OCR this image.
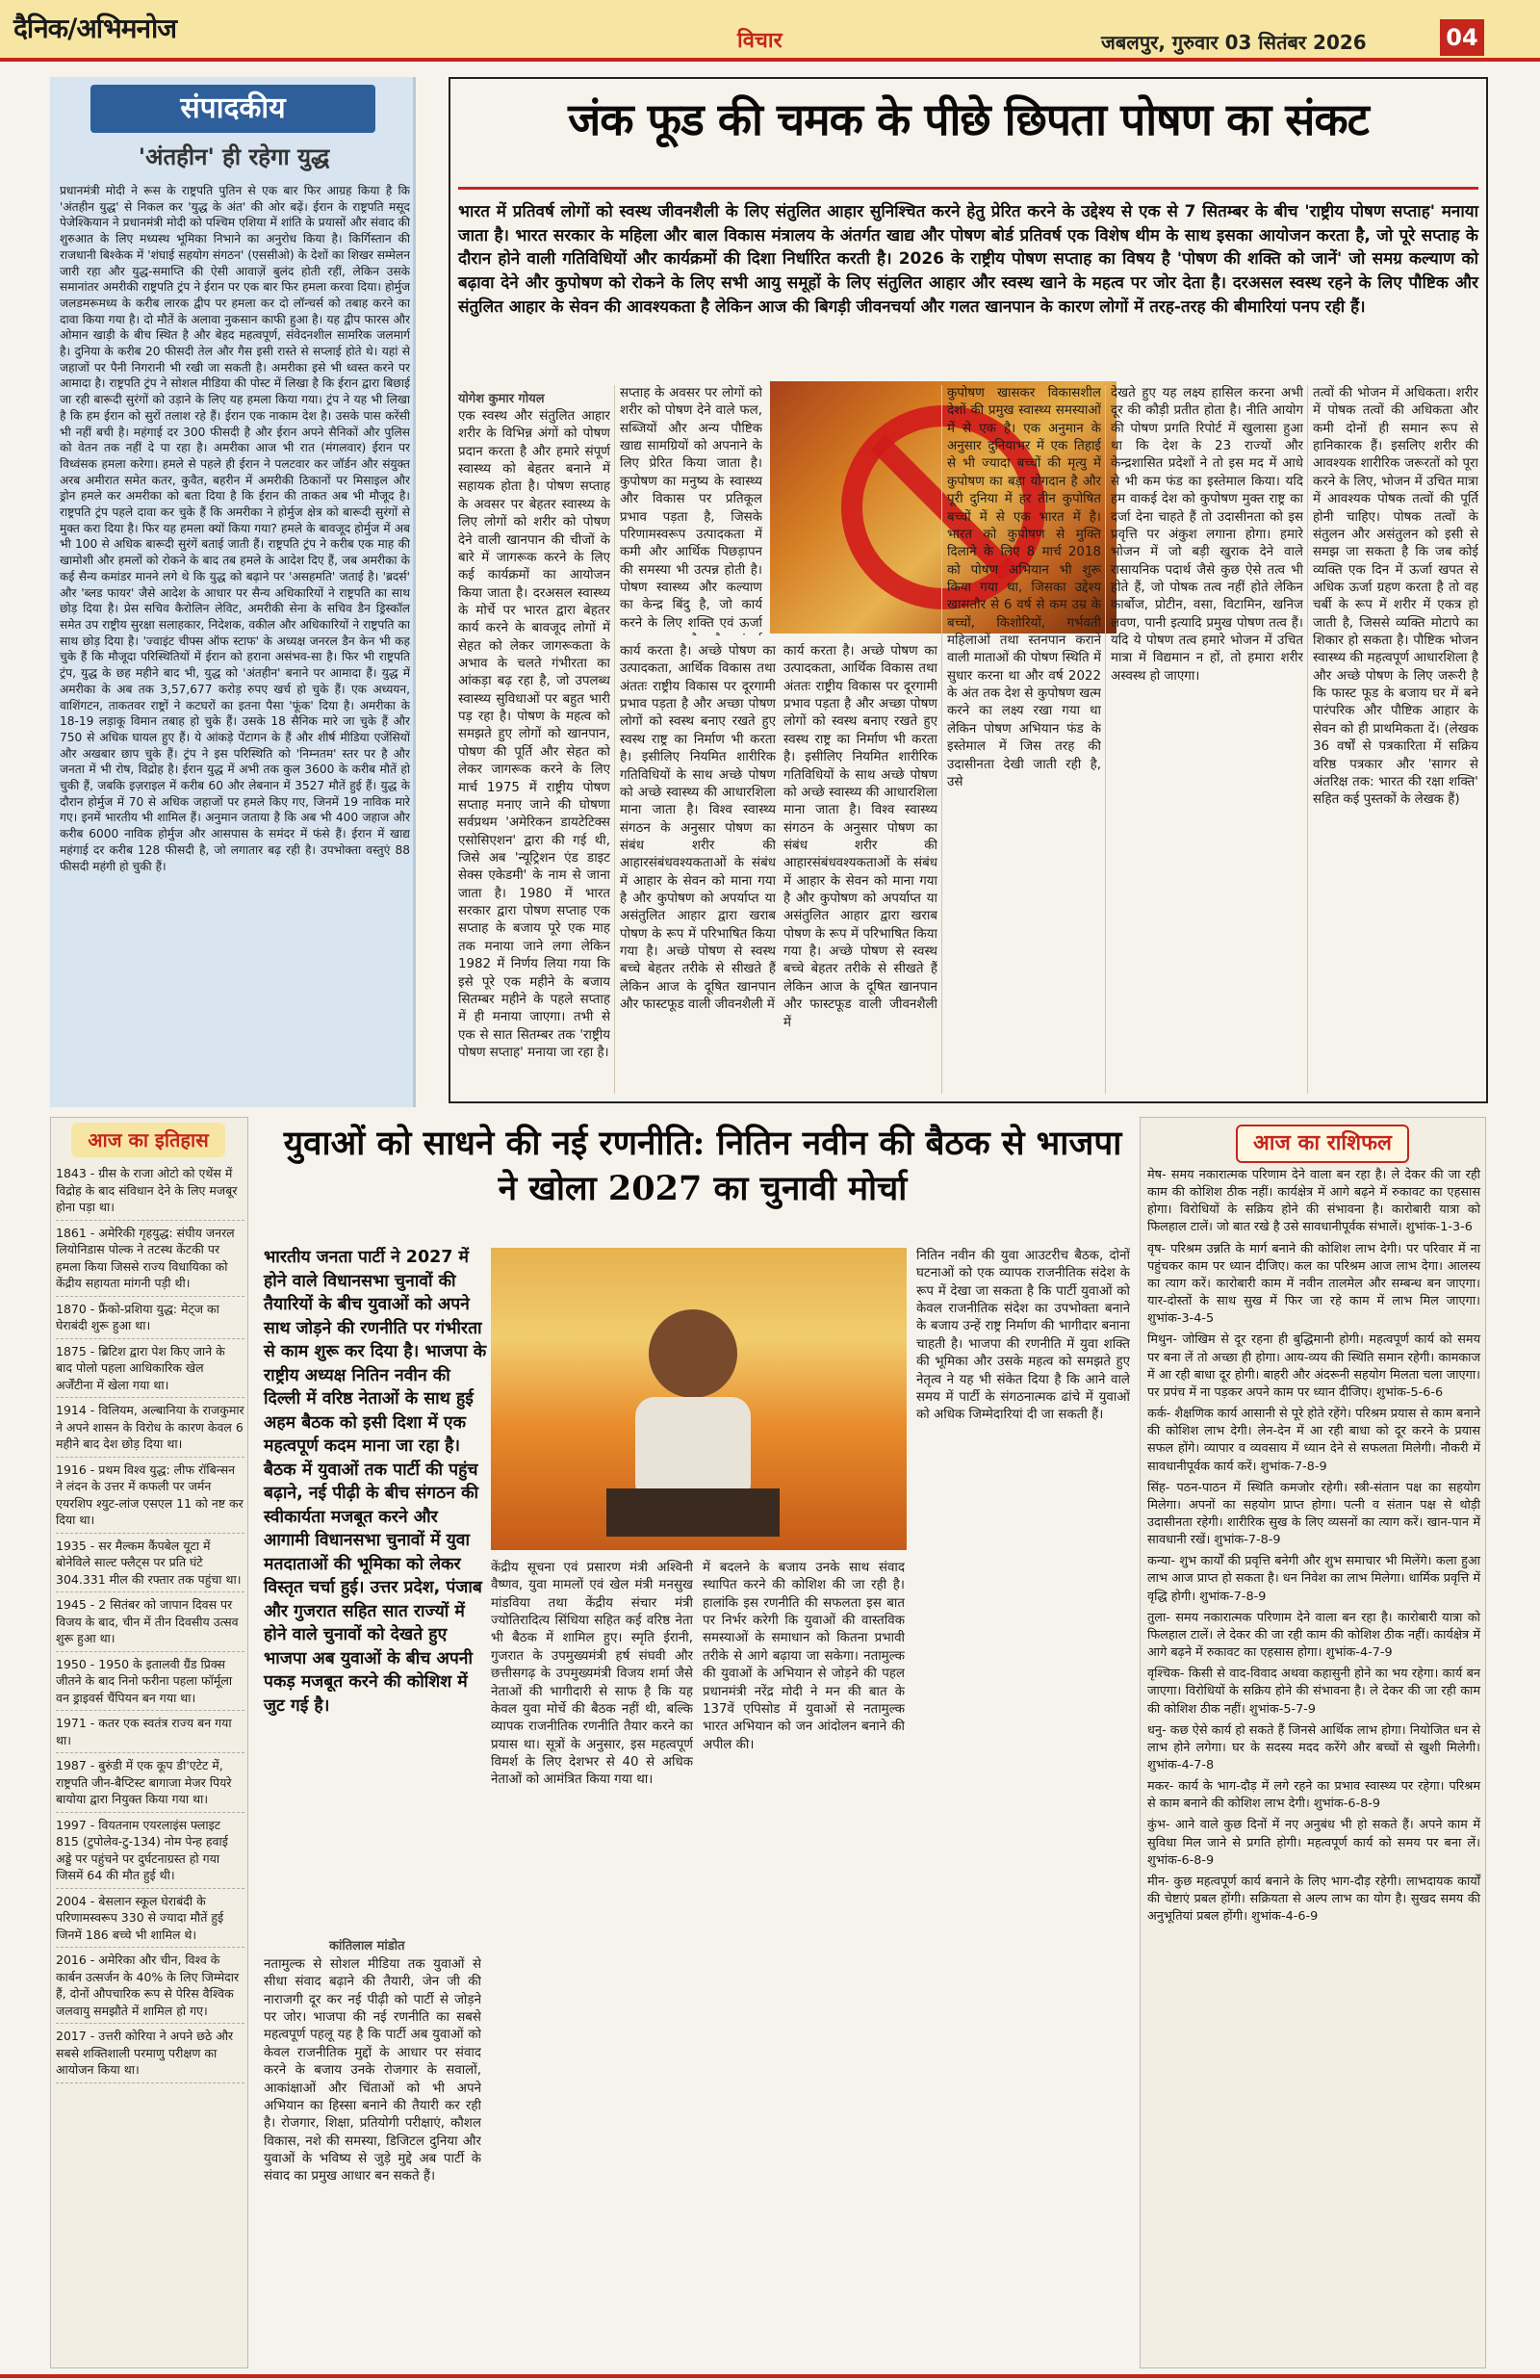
दैनिक/अभिमनोज	विचार	जबलपुर, गुरुवार 03 सितंबर 2026	04
संपादकीय
'अंतहीन' ही रहेगा युद्ध
प्रधानमंत्री मोदी ने रूस के राष्ट्रपति पुतिन से एक बार फिर आग्रह किया है कि 'अंतहीन युद्ध' से निकल कर 'युद्ध के अंत' की ओर बढ़ें। ईरान के राष्ट्रपति मसूद पेजेश्कियान ने प्रधानमंत्री मोदी को पश्चिम एशिया में शांति के प्रयासों और संवाद की शुरुआत के लिए मध्यस्थ भूमिका निभाने का अनुरोध किया है। किर्गिस्तान की राजधानी बिश्केक में 'शंघाई सहयोग संगठन' (एससीओ) के देशों का शिखर सम्मेलन जारी रहा और युद्ध-समाप्ति की ऐसी आवाज़ें बुलंद होती रहीं, लेकिन उसके समानांतर अमरीकी राष्ट्रपति ट्रंप ने ईरान पर एक बार फिर हमला करवा दिया। होर्मुज जलडमरूमध्य के करीब लारक द्वीप पर हमला कर दो लॉन्चर्स को तबाह करने का दावा किया गया है। दो मौतें के अलावा नुकसान काफी हुआ है। यह द्वीप फारस और ओमान खाड़ी के बीच स्थित है और बेहद महत्वपूर्ण, संवेदनशील सामरिक जलमार्ग है। दुनिया के करीब 20 फीसदी तेल और गैस इसी रास्ते से सप्लाई होते थे। यहां से जहाजों पर पैनी निगरानी भी रखी जा सकती है। अमरीका इसे भी ध्वस्त करने पर आमादा है। राष्ट्रपति ट्रंप ने सोशल मीडिया की पोस्ट में लिखा है कि ईरान द्वारा बिछाई जा रही बारूदी सुरंगों को उड़ाने के लिए यह हमला किया गया। ट्रंप ने यह भी लिखा है कि हम ईरान को सुरों तलाश रहे हैं। ईरान एक नाकाम देश है। उसके पास करेंसी भी नहीं बची है। महंगाई दर 300 फीसदी है और ईरान अपने सैनिकों और पुलिस को वेतन तक नहीं दे पा रहा है। अमरीका आज भी रात (मंगलवार) ईरान पर विध्वंसक हमला करेगा। हमले से पहले ही ईरान ने पलटवार कर जॉर्डन और संयुक्त अरब अमीरात समेत कतर, कुवैत, बहरीन में अमरीकी ठिकानों पर मिसाइल और ड्रोन हमले कर अमरीका को बता दिया है कि ईरान की ताकत अब भी मौजूद है। राष्ट्रपति ट्रंप पहले दावा कर चुके हैं कि अमरीका ने होर्मुज क्षेत्र को बारूदी सुरंगों से मुक्त करा दिया है। फिर यह हमला क्यों किया गया? हमले के बावजूद होर्मुज में अब भी 100 से अधिक बारूदी सुरंगें बताई जाती हैं। राष्ट्रपति ट्रंप ने करीब एक माह की खामोशी और हमलों को रोकने के बाद तब हमले के आदेश दिए हैं, जब अमरीका के कई सैन्य कमांडर मानने लगे थे कि युद्ध को बढ़ाने पर 'असहमति' जताई है। 'ब्रदर्स' और 'ब्लड फायर' जैसे आदेश के आधार पर सैन्य अधिकारियों ने राष्ट्रपति का साथ छोड़ दिया है। प्रेस सचिव कैरोलिन लेविट, अमरीकी सेना के सचिव डैन ड्रिस्कॉल समेत उप राष्ट्रीय सुरक्षा सलाहकार, निदेशक, वकील और अधिकारियों ने राष्ट्रपति का साथ छोड़ दिया है। 'ज्वाइंट चीफ्स ऑफ स्टाफ' के अध्यक्ष जनरल डैन केन भी कह चुके हैं कि मौजूदा परिस्थितियों में ईरान को हराना असंभव-सा है। फिर भी राष्ट्रपति ट्रंप, युद्ध के छह महीने बाद भी, युद्ध को 'अंतहीन' बनाने पर आमादा हैं। युद्ध में अमरीका के अब तक 3,57,677 करोड़ रुपए खर्च हो चुके हैं। एक अध्ययन, वाशिंगटन, ताकतवर राष्ट्रों ने कटघरों का इतना पैसा 'फूंक' दिया है। अमरीका के 18-19 लड़ाकू विमान तबाह हो चुके हैं। उसके 18 सैनिक मारे जा चुके हैं और 750 से अधिक घायल हुए हैं। ये आंकड़े पेंटागन के हैं और शीर्ष मीडिया एजेंसियों और अखबार छाप चुके हैं। ट्रंप ने इस परिस्थिति को 'निम्नतम' स्तर पर है और जनता में भी रोष, विद्रोह है। ईरान युद्ध में अभी तक कुल 3600 के करीब मौतें हो चुकी हैं, जबकि इज़राइल में करीब 60 और लेबनान में 3527 मौतें हुई हैं। युद्ध के दौरान होर्मुज में 70 से अधिक जहाजों पर हमले किए गए, जिनमें 19 नाविक मारे गए। इनमें भारतीय भी शामिल हैं। अनुमान जताया है कि अब भी 400 जहाज और करीब 6000 नाविक होर्मुज और आसपास के समंदर में फंसे हैं। ईरान में खाद्य महंगाई दर करीब 128 फीसदी है, जो लगातार बढ़ रही है। उपभोक्ता वस्तुएं 88 फीसदी महंगी हो चुकी हैं।
जंक फूड की चमक के पीछे छिपता पोषण का संकट
भारत में प्रतिवर्ष लोगों को स्वस्थ जीवनशैली के लिए संतुलित आहार सुनिश्चित करने हेतु प्रेरित करने के उद्देश्य से एक से 7 सितम्बर के बीच 'राष्ट्रीय पोषण सप्ताह' मनाया जाता है। भारत सरकार के महिला और बाल विकास मंत्रालय के अंतर्गत खाद्य और पोषण बोर्ड प्रतिवर्ष एक विशेष थीम के साथ इसका आयोजन करता है, जो पूरे सप्ताह के दौरान होने वाली गतिविधियों और कार्यक्रमों की दिशा निर्धारित करती है। 2026 के राष्ट्रीय पोषण सप्ताह का विषय है 'पोषण की शक्ति को जानें' जो समग्र कल्याण को बढ़ावा देने और कुपोषण को रोकने के लिए सभी आयु समूहों के लिए संतुलित आहार और स्वस्थ खाने के महत्व पर जोर देता है। दरअसल स्वस्थ रहने के लिए पौष्टिक और संतुलित आहार के सेवन की आवश्यकता है लेकिन आज की बिगड़ी जीवनचर्या और गलत खानपान के कारण लोगों में तरह-तरह की बीमारियां पनप रही हैं।
योगेश कुमार गोयल
एक स्वस्थ और संतुलित आहार शरीर के विभिन्न अंगों को पोषण प्रदान करता है और हमारे संपूर्ण स्वास्थ्य को बेहतर बनाने में सहायक होता है। पोषण सप्ताह के अवसर पर बेहतर स्वास्थ्य के लिए लोगों को शरीर को पोषण देने वाली खानपान की चीजों के बारे में जागरूक करने के लिए कई कार्यक्रमों का आयोजन किया जाता है। दरअसल स्वास्थ्य के मोर्चे पर भारत द्वारा बेहतर कार्य करने के बावजूद लोगों में सेहत को लेकर जागरूकता के अभाव के चलते गंभीरता का आंकड़ा बढ़ रहा है, जो उपलब्ध स्वास्थ्य सुविधाओं पर बहुत भारी पड़ रहा है। पोषण के महत्व को समझते हुए लोगों को खानपान, पोषण की पूर्ति और सेहत को लेकर जागरूक करने के लिए मार्च 1975 में राष्ट्रीय पोषण सप्ताह मनाए जाने की घोषणा सर्वप्रथम 'अमेरिकन डायटेटिक्स एसोसिएशन' द्वारा की गई थी, जिसे अब 'न्यूट्रिशन एंड डाइट सेक्स एकेडमी' के नाम से जाना जाता है। 1980 में भारत सरकार द्वारा पोषण सप्ताह एक सप्ताह के बजाय पूरे एक माह तक मनाया जाने लगा लेकिन 1982 में निर्णय लिया गया कि इसे पूरे एक महीने के बजाय सितम्बर महीने के पहले सप्ताह में ही मनाया जाएगा। तभी से एक से सात सितम्बर तक 'राष्ट्रीय पोषण सप्ताह' मनाया जा रहा है।
सप्ताह के अवसर पर लोगों को शरीर को पोषण देने वाले फल, सब्जियों और अन्य पौष्टिक खाद्य सामग्रियों को अपनाने के लिए प्रेरित किया जाता है। कुपोषण का मनुष्य के स्वास्थ्य और विकास पर प्रतिकूल प्रभाव पड़ता है, जिसके परिणामस्वरूप उत्पादकता में कमी और आर्थिक पिछड़ापन की समस्या भी उत्पन्न होती है। पोषण स्वास्थ्य और कल्याण का केन्द्र बिंदु है, जो कार्य करने के लिए शक्ति एवं ऊर्जा
कार्य करता है। अच्छे पोषण का उत्पादकता, आर्थिक विकास तथा अंततः राष्ट्रीय विकास पर दूरगामी प्रभाव पड़ता है और अच्छा पोषण लोगों को स्वस्थ बनाए रखते हुए स्वस्थ राष्ट्र का निर्माण भी करता है। इसीलिए नियमित शारीरिक गतिविधियों के साथ अच्छे पोषण को अच्छे स्वास्थ्य की आधारशिला माना जाता है। विश्व स्वास्थ्य संगठन के अनुसार पोषण का संबंध शरीर की आहारसंबंधवश्यकताओं के संबंध में आहार के सेवन को माना गया है और कुपोषण को अपर्याप्त या असंतुलित आहार द्वारा खराब पोषण के रूप में परिभाषित किया गया है। अच्छे पोषण से स्वस्थ बच्चे बेहतर तरीके से सीखते हैं लेकिन आज के दूषित खानपान और फास्टफूड वाली जीवनशैली में
कार्य करता है। अच्छे पोषण का उत्पादकता, आर्थिक विकास तथा अंततः राष्ट्रीय विकास पर दूरगामी प्रभाव पड़ता है और अच्छा पोषण लोगों को स्वस्थ बनाए रखते हुए स्वस्थ राष्ट्र का निर्माण भी करता है। इसीलिए नियमित शारीरिक गतिविधियों के साथ अच्छे पोषण को अच्छे स्वास्थ्य की आधारशिला माना जाता है। विश्व स्वास्थ्य संगठन के अनुसार पोषण का संबंध शरीर की आहारसंबंधवश्यकताओं के संबंध में आहार के सेवन को माना गया है और कुपोषण को अपर्याप्त या असंतुलित आहार द्वारा खराब पोषण के रूप में परिभाषित किया गया है। अच्छे पोषण से स्वस्थ बच्चे बेहतर तरीके से सीखते हैं लेकिन आज के दूषित खानपान और फास्टफूड वाली जीवनशैली में
कुपोषण खासकर विकासशील देशों की प्रमुख स्वास्थ्य समस्याओं में से एक है। एक अनुमान के अनुसार दुनियाभर में एक तिहाई से भी ज्यादा बच्चों की मृत्यु में कुपोषण का बड़ा योगदान है और पूरी दुनिया में हर तीन कुपोषित बच्चों में से एक भारत में है। भारत को कुपोषण से मुक्ति दिलाने के लिए 8 मार्च 2018 को पोषण अभियान भी शुरू किया गया था, जिसका उद्देश्य खासतौर से 6 वर्ष से कम उम्र के बच्चों, किशोरियों, गर्भवती महिलाओं तथा स्तनपान कराने वाली माताओं की पोषण स्थिति में सुधार करना था और वर्ष 2022 के अंत तक देश से कुपोषण खत्म करने का लक्ष्य रखा गया था लेकिन पोषण अभियान फंड के इस्तेमाल में जिस तरह की उदासीनता देखी जाती रही है, उसे
देखते हुए यह लक्ष्य हासिल करना अभी दूर की कौड़ी प्रतीत होता है। नीति आयोग की पोषण प्रगति रिपोर्ट में खुलासा हुआ था कि देश के 23 राज्यों और केन्द्रशासित प्रदेशों ने तो इस मद में आधे से भी कम फंड का इस्तेमाल किया। यदि हम वाकई देश को कुपोषण मुक्त राष्ट्र का दर्जा देना चाहते हैं तो उदासीनता को इस प्रवृत्ति पर अंकुश लगाना होगा। हमारे भोजन में जो बड़ी खुराक देने वाले रासायनिक पदार्थ जैसे कुछ ऐसे तत्व भी होते हैं, जो पोषक तत्व नहीं होते लेकिन कार्बोज, प्रोटीन, वसा, विटामिन, खनिज लवण, पानी इत्यादि प्रमुख पोषण तत्व हैं। यदि ये पोषण तत्व हमारे भोजन में उचित मात्रा में विद्यमान न हों, तो हमारा शरीर अस्वस्थ हो जाएगा।
तत्वों की भोजन में अधिकता। शरीर में पोषक तत्वों की अधिकता और कमी दोनों ही समान रूप से हानिकारक हैं। इसलिए शरीर की आवश्यक शारीरिक जरूरतों को पूरा करने के लिए, भोजन में उचित मात्रा में आवश्यक पोषक तत्वों की पूर्ति होनी चाहिए। पोषक तत्वों के संतुलन और असंतुलन को इसी से समझ जा सकता है कि जब कोई व्यक्ति एक दिन में ऊर्जा खपत से अधिक ऊर्जा ग्रहण करता है तो वह चर्बी के रूप में शरीर में एकत्र हो जाती है, जिससे व्यक्ति मोटापे का शिकार हो सकता है। पौष्टिक भोजन स्वास्थ्य की महत्वपूर्ण आधारशिला है और अच्छे पोषण के लिए जरूरी है कि फास्ट फूड के बजाय घर में बने पारंपरिक और पौष्टिक आहार के सेवन को ही प्राथमिकता दें। (लेखक 36 वर्षों से पत्रकारिता में सक्रिय वरिष्ठ पत्रकार और 'सागर से अंतरिक्ष तक: भारत की रक्षा शक्ति' सहित कई पुस्तकों के लेखक हैं)
आज का इतिहास
1843 - ग्रीस के राजा ओटो को एथेंस में विद्रोह के बाद संविधान देने के लिए मजबूर होना पड़ा था।
1861 - अमेरिकी गृहयुद्ध: संघीय जनरल लियोनिडास पोल्क ने तटस्थ केंटकी पर हमला किया जिससे राज्य विधायिका को केंद्रीय सहायता मांगनी पड़ी थी।
1870 - फ्रैंको-प्रशिया युद्ध: मेट्ज का घेराबंदी शुरू हुआ था।
1875 - ब्रिटिश द्वारा पेश किए जाने के बाद पोलो पहला आधिकारिक खेल अर्जेंटीना में खेला गया था।
1914 - विलियम, अल्बानिया के राजकुमार ने अपने शासन के विरोध के कारण केवल 6 महीने बाद देश छोड़ दिया था।
1916 - प्रथम विश्व युद्ध: लीफ रॉबिन्सन ने लंदन के उत्तर में कफली पर जर्मन एयरशिप श्युट-लांज एसएल 11 को नष्ट कर दिया था।
1935 - सर मैल्कम कैंपबेल यूटा में बोनेविले साल्ट फ्लैट्स पर प्रति घंटे 304.331 मील की रफ्तार तक पहुंचा था।
1945 - 2 सितंबर को जापान दिवस पर विजय के बाद, चीन में तीन दिवसीय उत्सव शुरू हुआ था।
1950 - 1950 के इतालवी ग्रैंड प्रिक्स जीतने के बाद निनो फरीना पहला फॉर्मूला वन ड्राइवर्स चैंपियन बन गया था।
1971 - कतर एक स्वतंत्र राज्य बन गया था।
1987 - बुरुंडी में एक कूप डी'एटेट में, राष्ट्रपति जीन-बैप्टिस्ट बागाजा मेजर पियरे बायोया द्वारा नियुक्त किया गया था।
1997 - वियतनाम एयरलाइंस फ्लाइट 815 (टुपोलेव-टु-134) नोम पेन्ह हवाई अड्डे पर पहुंचने पर दुर्घटनाग्रस्त हो गया जिसमें 64 की मौत हुई थी।
2004 - बेसलान स्कूल घेराबंदी के परिणामस्वरूप 330 से ज्यादा मौतें हुई जिनमें 186 बच्चे भी शामिल थे।
2016 - अमेरिका और चीन, विश्व के कार्बन उत्सर्जन के 40% के लिए जिम्मेदार हैं, दोनों औपचारिक रूप से पेरिस वैश्विक जलवायु समझौते में शामिल हो गए।
2017 - उत्तरी कोरिया ने अपने छठे और सबसे शक्तिशाली परमाणु परीक्षण का आयोजन किया था।
युवाओं को साधने की नई रणनीति: नितिन नवीन की बैठक से भाजपा ने खोला 2027 का चुनावी मोर्चा
भारतीय जनता पार्टी ने 2027 में होने वाले विधानसभा चुनावों की तैयारियों के बीच युवाओं को अपने साथ जोड़ने की रणनीति पर गंभीरता से काम शुरू कर दिया है। भाजपा के राष्ट्रीय अध्यक्ष नितिन नवीन की दिल्ली में वरिष्ठ नेताओं के साथ हुई अहम बैठक को इसी दिशा में एक महत्वपूर्ण कदम माना जा रहा है। बैठक में युवाओं तक पार्टी की पहुंच बढ़ाने, नई पीढ़ी के बीच संगठन की स्वीकार्यता मजबूत करने और आगामी विधानसभा चुनावों में युवा मतदाताओं की भूमिका को लेकर विस्तृत चर्चा हुई। उत्तर प्रदेश, पंजाब और गुजरात सहित सात राज्यों में होने वाले चुनावों को देखते हुए भाजपा अब युवाओं के बीच अपनी पकड़ मजबूत करने की कोशिश में जुट गई है।
कांतिलाल मांडोत
नतामुल्क से सोशल मीडिया तक युवाओं से सीधा संवाद बढ़ाने की तैयारी, जेन जी की नाराजगी दूर कर नई पीढ़ी को पार्टी से जोड़ने पर जोर। भाजपा की नई रणनीति का सबसे महत्वपूर्ण पहलू यह है कि पार्टी अब युवाओं को केवल राजनीतिक मुद्दों के आधार पर संवाद करने के बजाय उनके रोजगार के सवालों, आकांक्षाओं और चिंताओं को भी अपने अभियान का हिस्सा बनाने की तैयारी कर रही है। रोजगार, शिक्षा, प्रतियोगी परीक्षाएं, कौशल विकास, नशे की समस्या, डिजिटल दुनिया और युवाओं के भविष्य से जुड़े मुद्दे अब पार्टी के संवाद का प्रमुख आधार बन सकते हैं।
केंद्रीय सूचना एवं प्रसारण मंत्री अश्विनी वैष्णव, युवा मामलों एवं खेल मंत्री मनसुख मांडविया तथा केंद्रीय संचार मंत्री ज्योतिरादित्य सिंधिया सहित कई वरिष्ठ नेता भी बैठक में शामिल हुए। स्मृति ईरानी, गुजरात के उपमुख्यमंत्री हर्ष संघवी और छत्तीसगढ़ के उपमुख्यमंत्री विजय शर्मा जैसे नेताओं की भागीदारी से साफ है कि यह केवल युवा मोर्चे की बैठक नहीं थी, बल्कि व्यापक राजनीतिक रणनीति तैयार करने का प्रयास था। सूत्रों के अनुसार, इस महत्वपूर्ण विमर्श के लिए देशभर से 40 से अधिक नेताओं को आमंत्रित किया गया था।
में बदलने के बजाय उनके साथ संवाद स्थापित करने की कोशिश की जा रही है। हालांकि इस रणनीति की सफलता इस बात पर निर्भर करेगी कि युवाओं की वास्तविक समस्याओं के समाधान को कितना प्रभावी तरीके से आगे बढ़ाया जा सकेगा। नतामुल्क की युवाओं के अभियान से जोड़ने की पहल प्रधानमंत्री नरेंद्र मोदी ने मन की बात के 137वें एपिसोड में युवाओं से नतामुल्क भारत अभियान को जन आंदोलन बनाने की अपील की।
नितिन नवीन की युवा आउटरीच बैठक, दोनों घटनाओं को एक व्यापक राजनीतिक संदेश के रूप में देखा जा सकता है कि पार्टी युवाओं को केवल राजनीतिक संदेश का उपभोक्ता बनाने के बजाय उन्हें राष्ट्र निर्माण की भागीदार बनाना चाहती है। भाजपा की रणनीति में युवा शक्ति की भूमिका और उसके महत्व को समझते हुए नेतृत्व ने यह भी संकेत दिया है कि आने वाले समय में पार्टी के संगठनात्मक ढांचे में युवाओं को अधिक जिम्मेदारियां दी जा सकती हैं।
आज का राशिफल

मेष- समय नकारात्मक परिणाम देने वाला बन रहा है। ले देकर की जा रही काम की कोशिश ठीक नहीं। कार्यक्षेत्र में आगे बढ़ने में रुकावट का एहसास होगा। विरोधियों के सक्रिय होने की संभावना है। कारोबारी यात्रा को फिलहाल टालें। जो बात रखे है उसे सावधानीपूर्वक संभालें। शुभांक-1-3-6

वृष- परिश्रम उन्नति के मार्ग बनाने की कोशिश लाभ देगी। पर परिवार में ना पहुंचकर काम पर ध्यान दीजिए। कल का परिश्रम आज लाभ देगा। आलस्य का त्याग करें। कारोबारी काम में नवीन तालमेल और सम्बन्ध बन जाएगा। यार-दोस्तों के साथ सुख में फिर जा रहे काम में लाभ मिल जाएगा। शुभांक-3-4-5

मिथुन- जोखिम से दूर रहना ही बुद्धिमानी होगी। महत्वपूर्ण कार्य को समय पर बना लें तो अच्छा ही होगा। आय-व्यय की स्थिति समान रहेगी। कामकाज में आ रही बाधा दूर होगी। बाहरी और अंदरूनी सहयोग मिलता चला जाएगा। पर प्रपंच में ना पड़कर अपने काम पर ध्यान दीजिए। शुभांक-5-6-6

कर्क- शैक्षणिक कार्य आसानी से पूरे होते रहेंगे। परिश्रम प्रयास से काम बनाने की कोशिश लाभ देगी। लेन-देन में आ रही बाधा को दूर करने के प्रयास सफल होंगे। व्यापार व व्यवसाय में ध्यान देने से सफलता मिलेगी। नौकरी में सावधानीपूर्वक कार्य करें। शुभांक-7-8-9

सिंह- पठन-पाठन में स्थिति कमजोर रहेगी। स्त्री-संतान पक्ष का सहयोग मिलेगा। अपनों का सहयोग प्राप्त होगा। पत्नी व संतान पक्ष से थोड़ी उदासीनता रहेगी। शारीरिक सुख के लिए व्यसनों का त्याग करें। खान-पान में सावधानी रखें। शुभांक-7-8-9

कन्या- शुभ कार्यों की प्रवृत्ति बनेगी और शुभ समाचार भी मिलेंगे। कला हुआ लाभ आज प्राप्त हो सकता है। धन निवेश का लाभ मिलेगा। धार्मिक प्रवृत्ति में वृद्धि होगी। शुभांक-7-8-9

तुला- समय नकारात्मक परिणाम देने वाला बन रहा है। कारोबारी यात्रा को फिलहाल टालें। ले देकर की जा रही काम की कोशिश ठीक नहीं। कार्यक्षेत्र में आगे बढ़ने में रुकावट का एहसास होगा। शुभांक-4-7-9

वृश्चिक- किसी से वाद-विवाद अथवा कहासुनी होने का भय रहेगा। कार्य बन जाएगा। विरोधियों के सक्रिय होने की संभावना है। ले देकर की जा रही काम की कोशिश ठीक नहीं। शुभांक-5-7-9

धनु- कछ ऐसे कार्य हो सकते हैं जिनसे आर्थिक लाभ होगा। नियोजित धन से लाभ होने लगेगा। घर के सदस्य मदद करेंगे और बच्चों से खुशी मिलेगी। शुभांक-4-7-8

मकर- कार्य के भाग-दौड़ में लगे रहने का प्रभाव स्वास्थ्य पर रहेगा। परिश्रम से काम बनाने की कोशिश लाभ देगी। शुभांक-6-8-9

कुंभ- आने वाले कुछ दिनों में नए अनुबंध भी हो सकते हैं। अपने काम में सुविधा मिल जाने से प्रगति होगी। महत्वपूर्ण कार्य को समय पर बना लें। शुभांक-6-8-9

मीन- कुछ महत्वपूर्ण कार्य बनाने के लिए भाग-दौड़ रहेगी। लाभदायक कार्यों की चेष्टाएं प्रबल होंगी। सक्रियता से अल्प लाभ का योग है। सुखद समय की अनुभूतियां प्रबल होंगी। शुभांक-4-6-9
